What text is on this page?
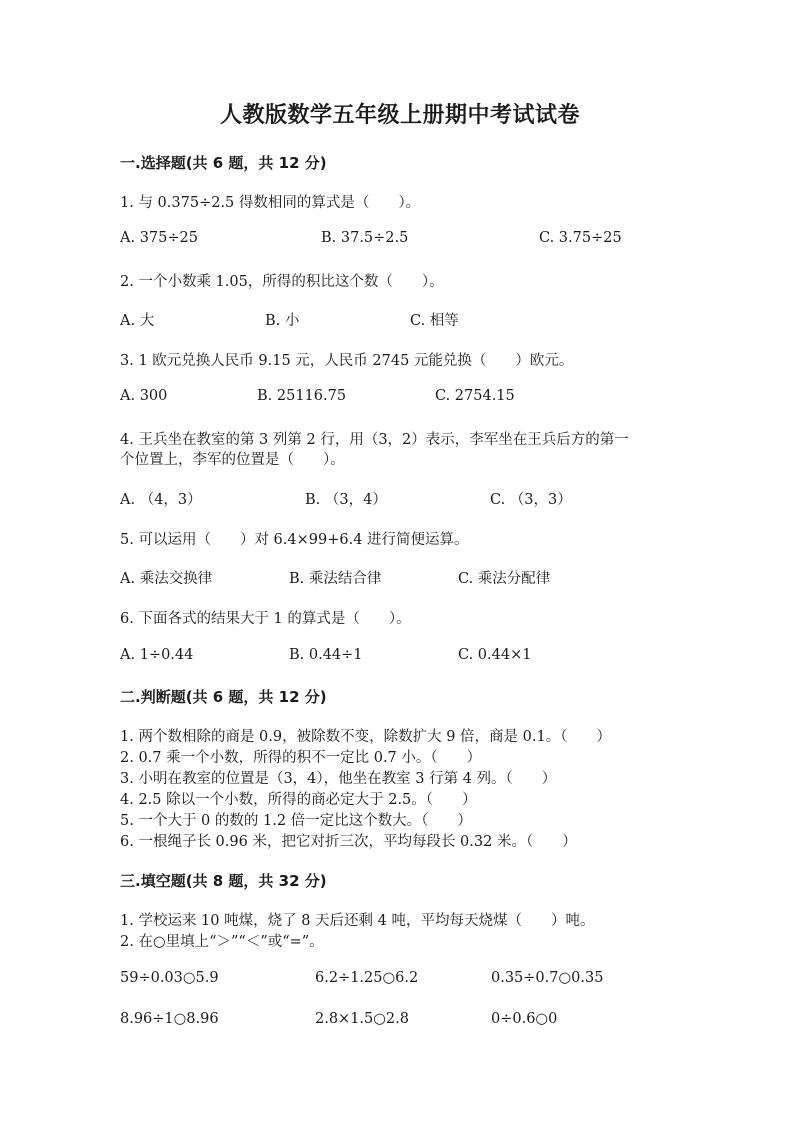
人教版数学五年级上册期中考试试卷
一.选择题(共 6 题，共 12 分)
1. 与 0.375÷2.5 得数相同的算式是（　　）。
A. 375÷25	B. 37.5÷2.5	C. 3.75÷25
2. 一个小数乘 1.05，所得的积比这个数（　　）。
A. 大	B. 小	C. 相等
3. 1 欧元兑换人民币 9.15 元，人民币 2745 元能兑换（　　）欧元。
A. 300	B. 25116.75	C. 2754.15
4. 王兵坐在教室的第 3 列第 2 行，用（3，2）表示，李军坐在王兵后方的第一
个位置上，李军的位置是（　　）。
A. （4，3）	B. （3，4）	C. （3，3）
5. 可以运用（　　）对 6.4×99+6.4 进行简便运算。
A. 乘法交换律	B. 乘法结合律	C. 乘法分配律
6. 下面各式的结果大于 1 的算式是（　　）。
A. 1÷0.44	B. 0.44÷1	C. 0.44×1
二.判断题(共 6 题，共 12 分)
1. 两个数相除的商是 0.9，被除数不变，除数扩大 9 倍，商是 0.1。（　　）
2. 0.7 乘一个小数，所得的积不一定比 0.7 小。（　　）
3. 小明在教室的位置是（3，4），他坐在教室 3 行第 4 列。（　　）
4. 2.5 除以一个小数，所得的商必定大于 2.5。（　　）
5. 一个大于 0 的数的 1.2 倍一定比这个数大。（　　）
6. 一根绳子长 0.96 米，把它对折三次，平均每段长 0.32 米。（　　）
三.填空题(共 8 题，共 32 分)
1. 学校运来 10 吨煤，烧了 8 天后还剩 4 吨，平均每天烧煤（　　）吨。
2. 在○里填上“＞”“＜”或“=”。
59÷0.03○5.9	6.2÷1.25○6.2	0.35÷0.7○0.35
8.96÷1○8.96	2.8×1.5○2.8	0÷0.6○0
